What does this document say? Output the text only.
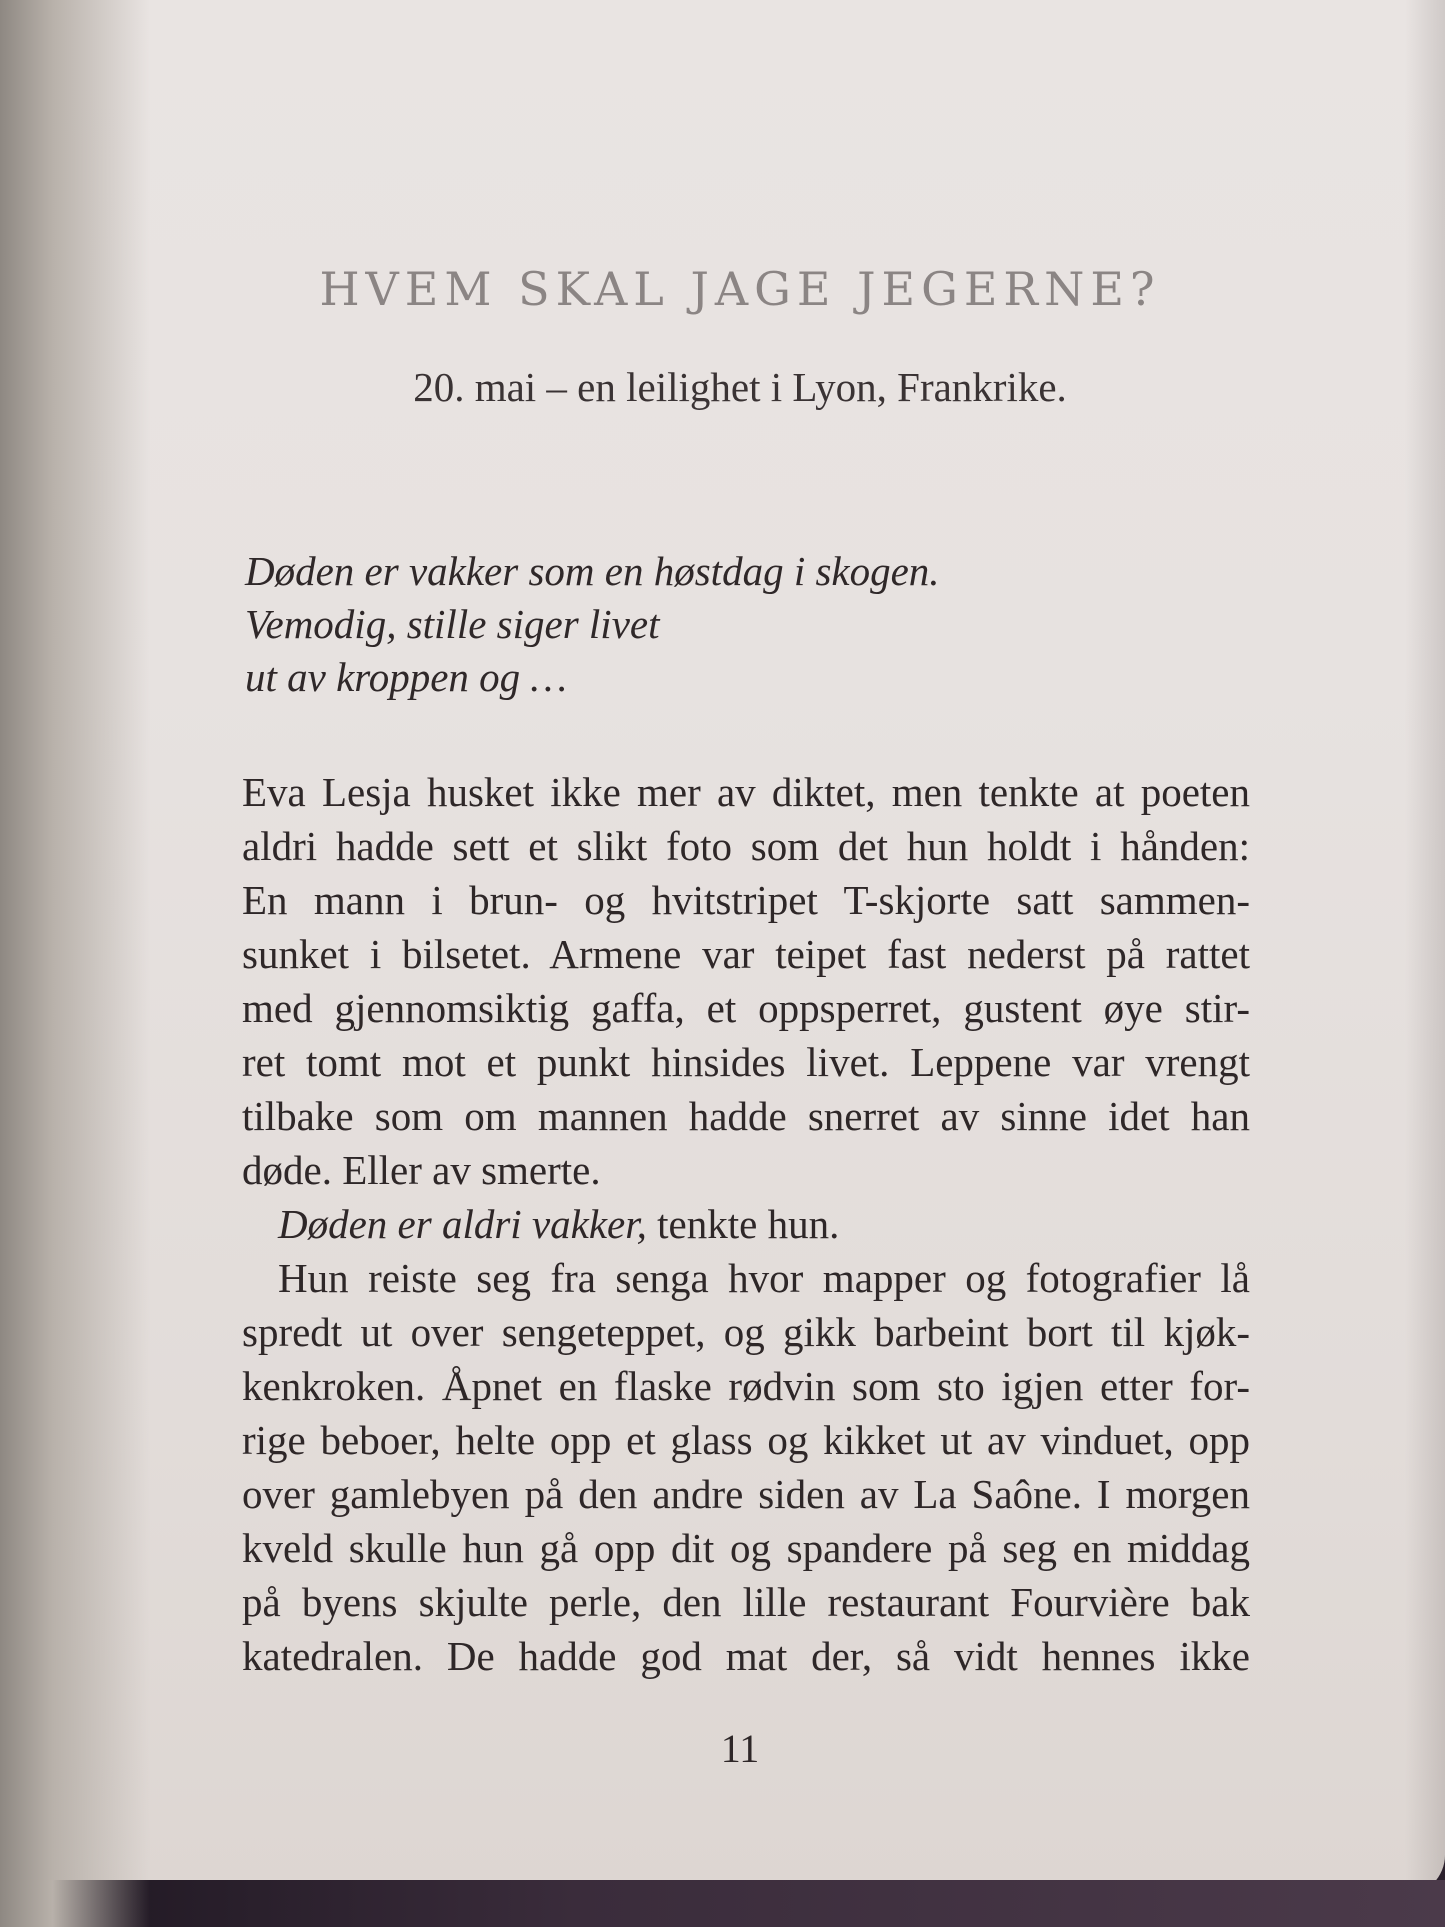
HVEM SKAL JAGE JEGERNE?

20. mai – en leilighet i Lyon, Frankrike.

Døden er vakker som en høstdag i skogen.
Vemodig, stille siger livet
ut av kroppen og …
Eva Lesja husket ikke mer av diktet, men tenkte at poeten
aldri hadde sett et slikt foto som det hun holdt i hånden:
En mann i brun- og hvitstripet T-skjorte satt sammen-
sunket i bilsetet. Armene var teipet fast nederst på rattet
med gjennomsiktig gaffa, et oppsperret, gustent øye stir-
ret tomt mot et punkt hinsides livet. Leppene var vrengt
tilbake som om mannen hadde snerret av sinne idet han
døde. Eller av smerte.
Døden er aldri vakker, tenkte hun.
Hun reiste seg fra senga hvor mapper og fotografier lå
spredt ut over sengeteppet, og gikk barbeint bort til kjøk-
kenkroken. Åpnet en flaske rødvin som sto igjen etter for-
rige beboer, helte opp et glass og kikket ut av vinduet, opp
over gamlebyen på den andre siden av La Saône. I morgen
kveld skulle hun gå opp dit og spandere på seg en middag
på byens skjulte perle, den lille restaurant Fourvière bak
katedralen. De hadde god mat der, så vidt hennes ikke
11
